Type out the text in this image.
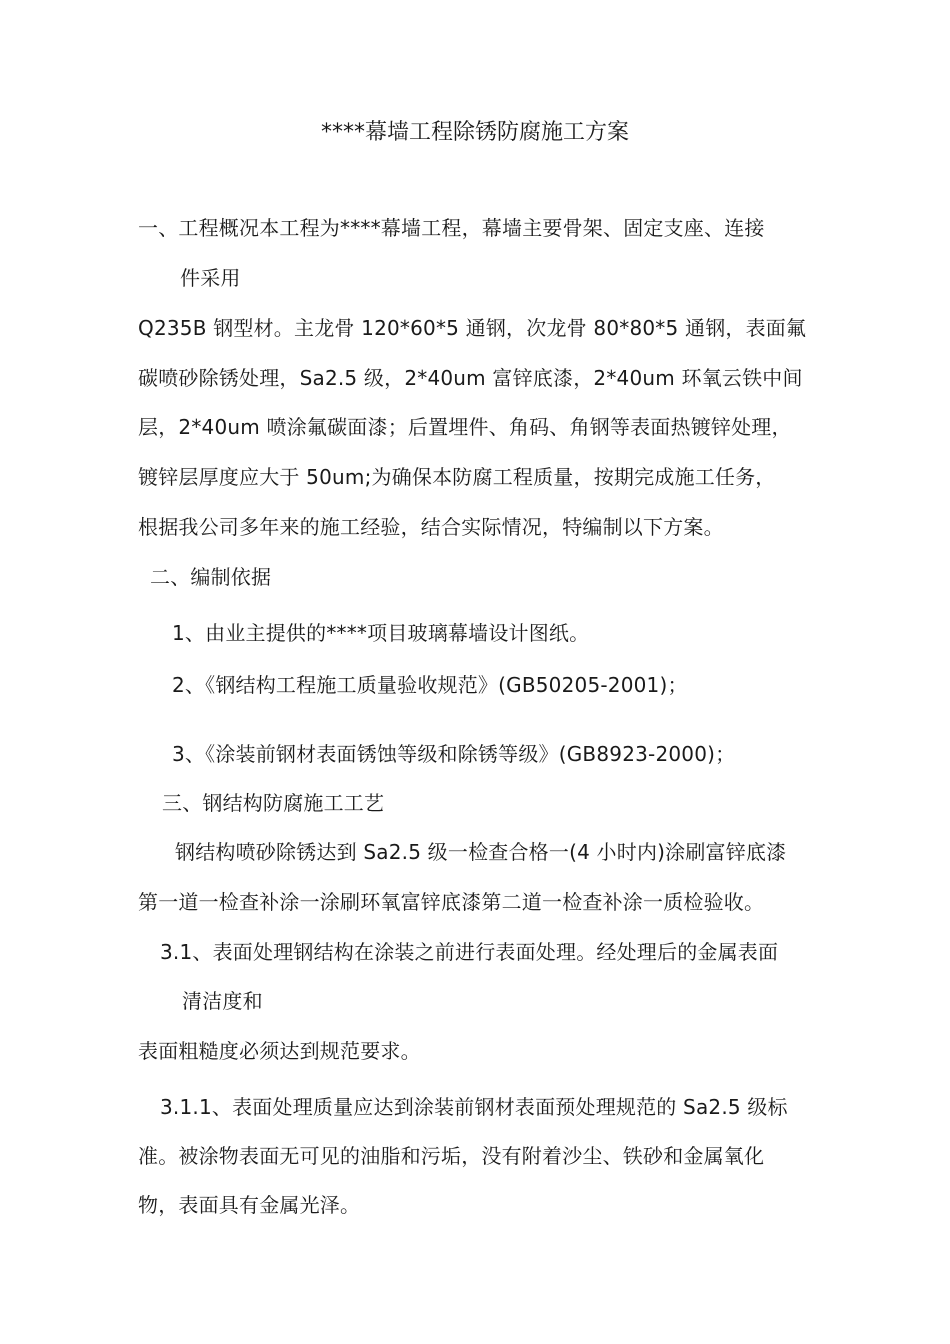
****幕墙工程除锈防腐施工方案
一、工程概况本工程为****幕墙工程，幕墙主要骨架、固定支座、连接
件采用
Q235B 钢型材。主龙骨 120*60*5 通钢，次龙骨 80*80*5 通钢，表面氟
碳喷砂除锈处理，Sa2.5 级，2*40um 富锌底漆，2*40um 环氧云铁中间
层，2*40um 喷涂氟碳面漆；后置埋件、角码、角钢等表面热镀锌处理，
镀锌层厚度应大于 50um;为确保本防腐工程质量，按期完成施工任务，
根据我公司多年来的施工经验，结合实际情况，特编制以下方案。
二、编制依据
1、由业主提供的****项目玻璃幕墙设计图纸。
2、《钢结构工程施工质量验收规范》(GB50205-2001)；
3、《涂装前钢材表面锈蚀等级和除锈等级》(GB8923-2000)；
三、钢结构防腐施工工艺
钢结构喷砂除锈达到 Sa2.5 级一检查合格一(4 小时内)涂刷富锌底漆
第一道一检查补涂一涂刷环氧富锌底漆第二道一检查补涂一质检验收。
3.1、表面处理钢结构在涂装之前进行表面处理。经处理后的金属表面
清洁度和
表面粗糙度必须达到规范要求。
3.1.1、表面处理质量应达到涂装前钢材表面预处理规范的 Sa2.5 级标
准。被涂物表面无可见的油脂和污垢，没有附着沙尘、铁砂和金属氧化
物，表面具有金属光泽。
